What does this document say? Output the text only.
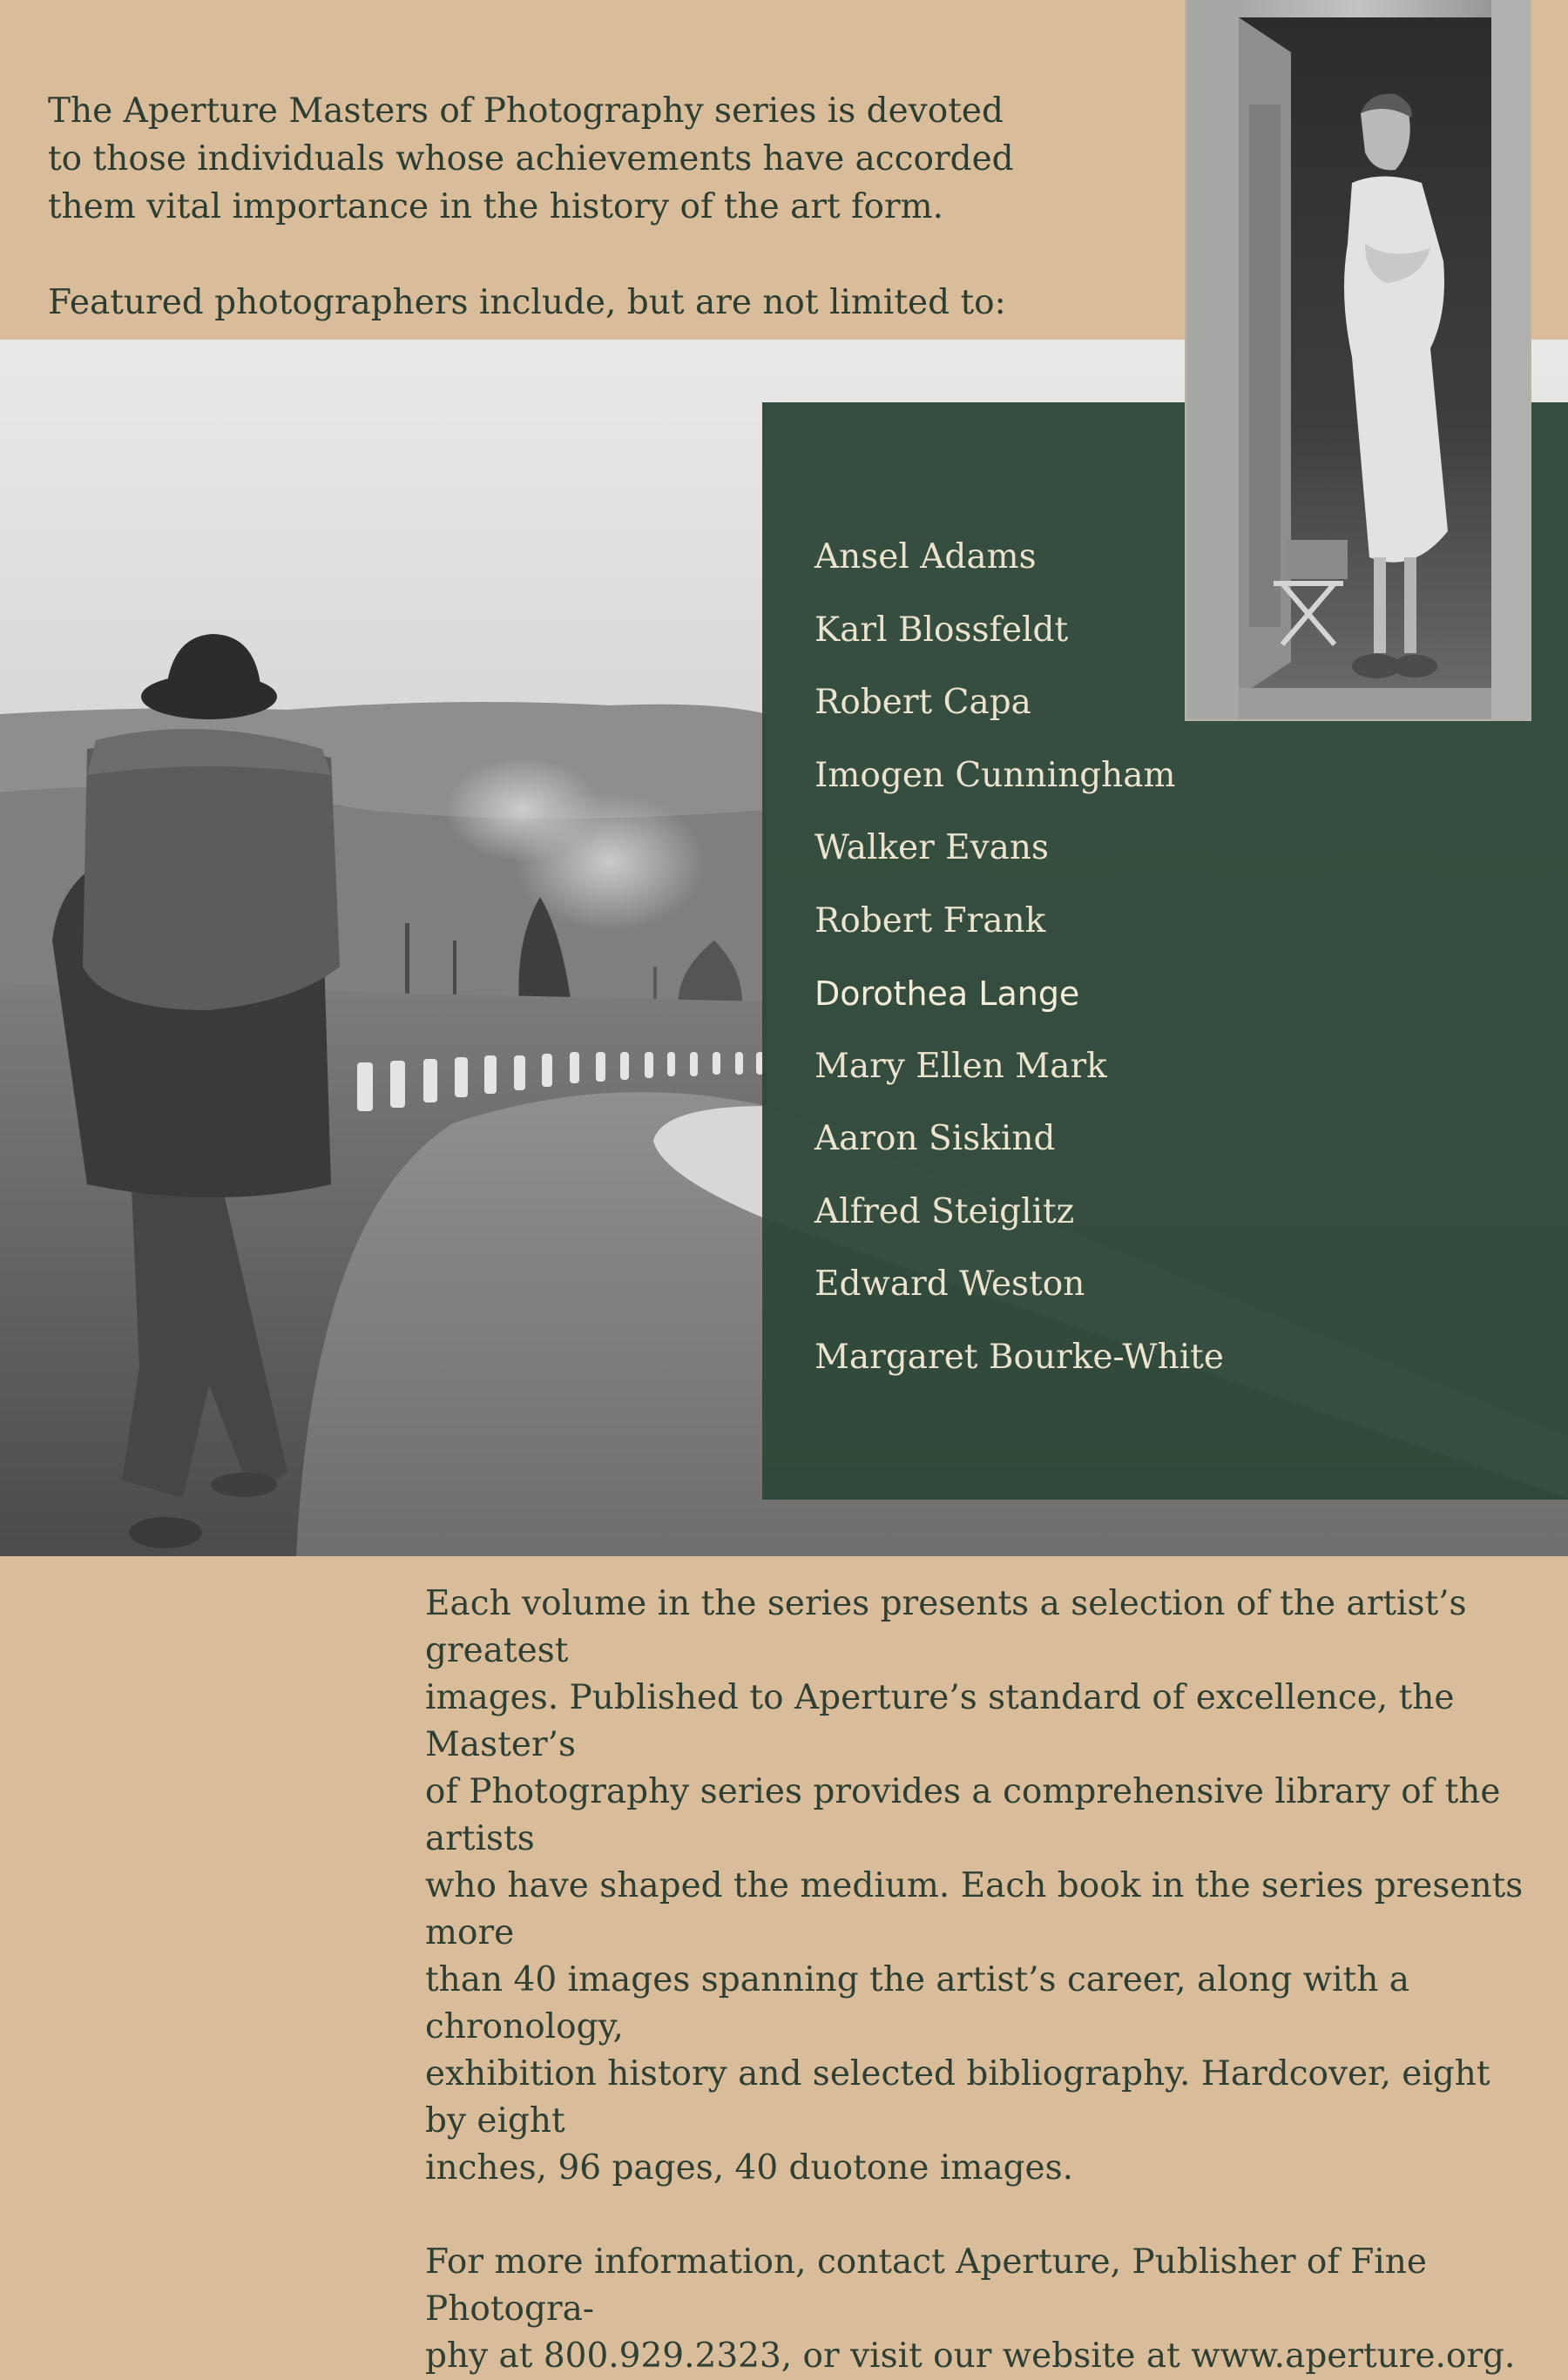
The Aperture Masters of Photography series is devoted

to those individuals whose achievements have accorded

them vital importance in the history of the art form.

Featured photographers include, but are not limited to:

Ansel Adams
Karl Blossfeldt
Robert Capa
Imogen Cunningham
Walker Evans
Robert Frank
Dorothea Lange
Mary Ellen Mark
Aaron Siskind
Alfred Steiglitz
Edward Weston
Margaret Bourke-White

Each volume in the series presents a selection of the artist’s greatest

images. Published to Aperture’s standard of excellence, the Master’s

of Photography series provides a comprehensive library of the artists

who have shaped the medium. Each book in the series presents more

than 40 images spanning the artist’s career, along with a chronology,

exhibition history and selected bibliography. Hardcover, eight by eight

inches, 96 pages, 40 duotone images.

For more information, contact Aperture, Publisher of Fine Photogra-

phy at 800.929.2323, or visit our website at www.aperture.org.
